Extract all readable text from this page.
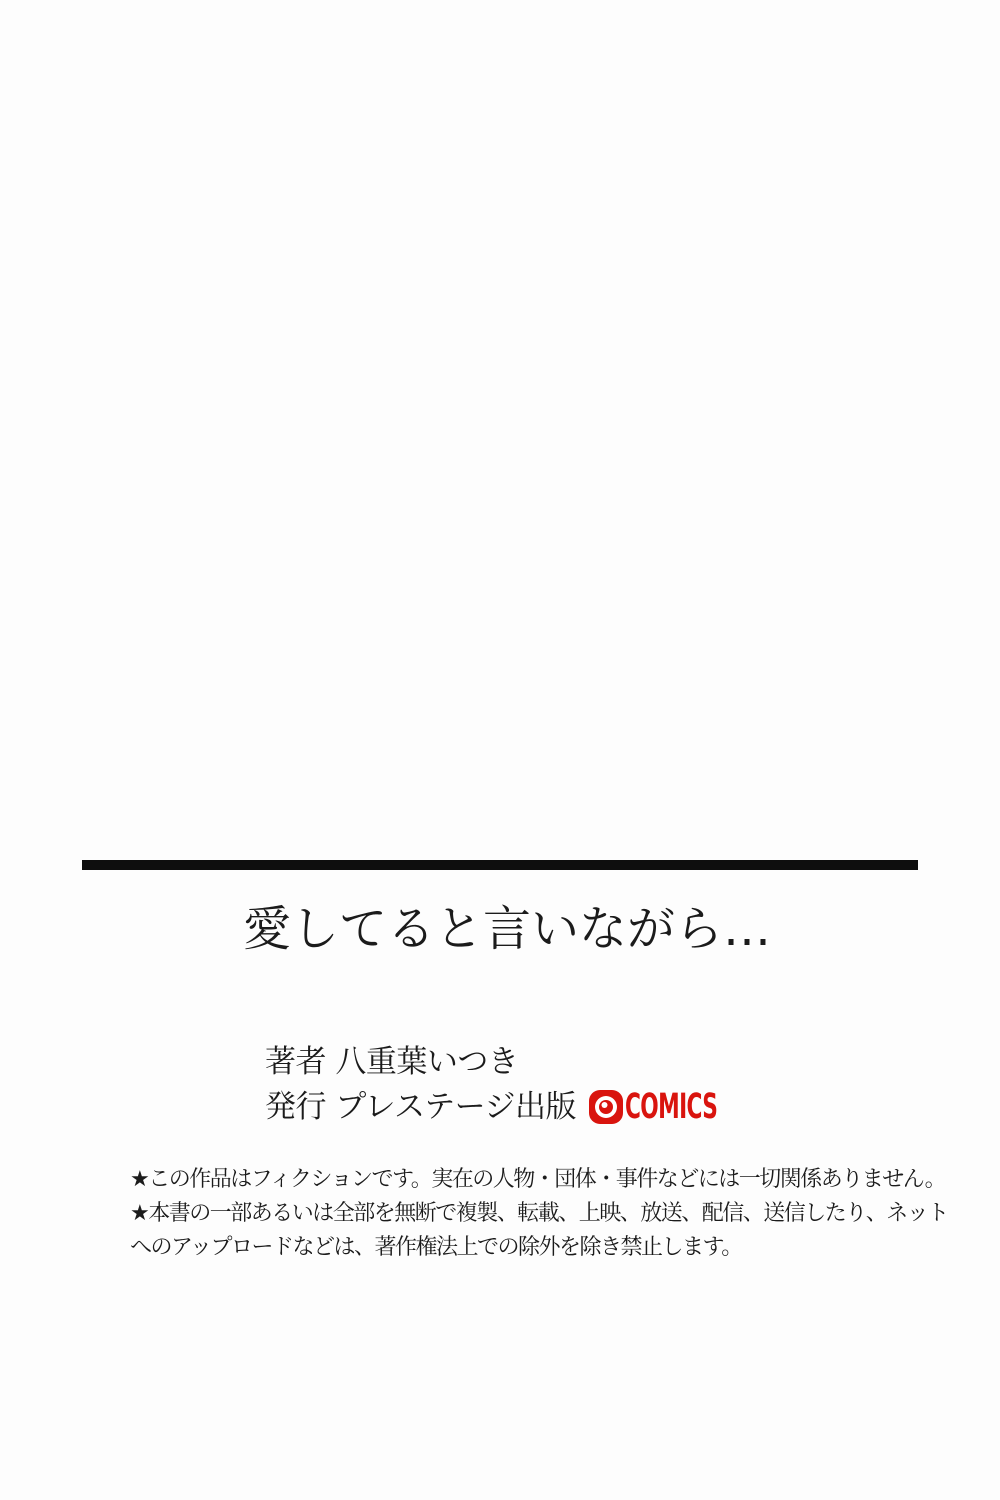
愛してると言いながら…
著者 八重葉いつき
発行 プレステージ出版 COMICS
★この作品はフィクションです。実在の人物・団体・事件などには一切関係ありません。
★本書の一部あるいは全部を無断で複製、転載、上映、放送、配信、送信したり、ネット
へのアップロードなどは、著作権法上での除外を除き禁止します。
